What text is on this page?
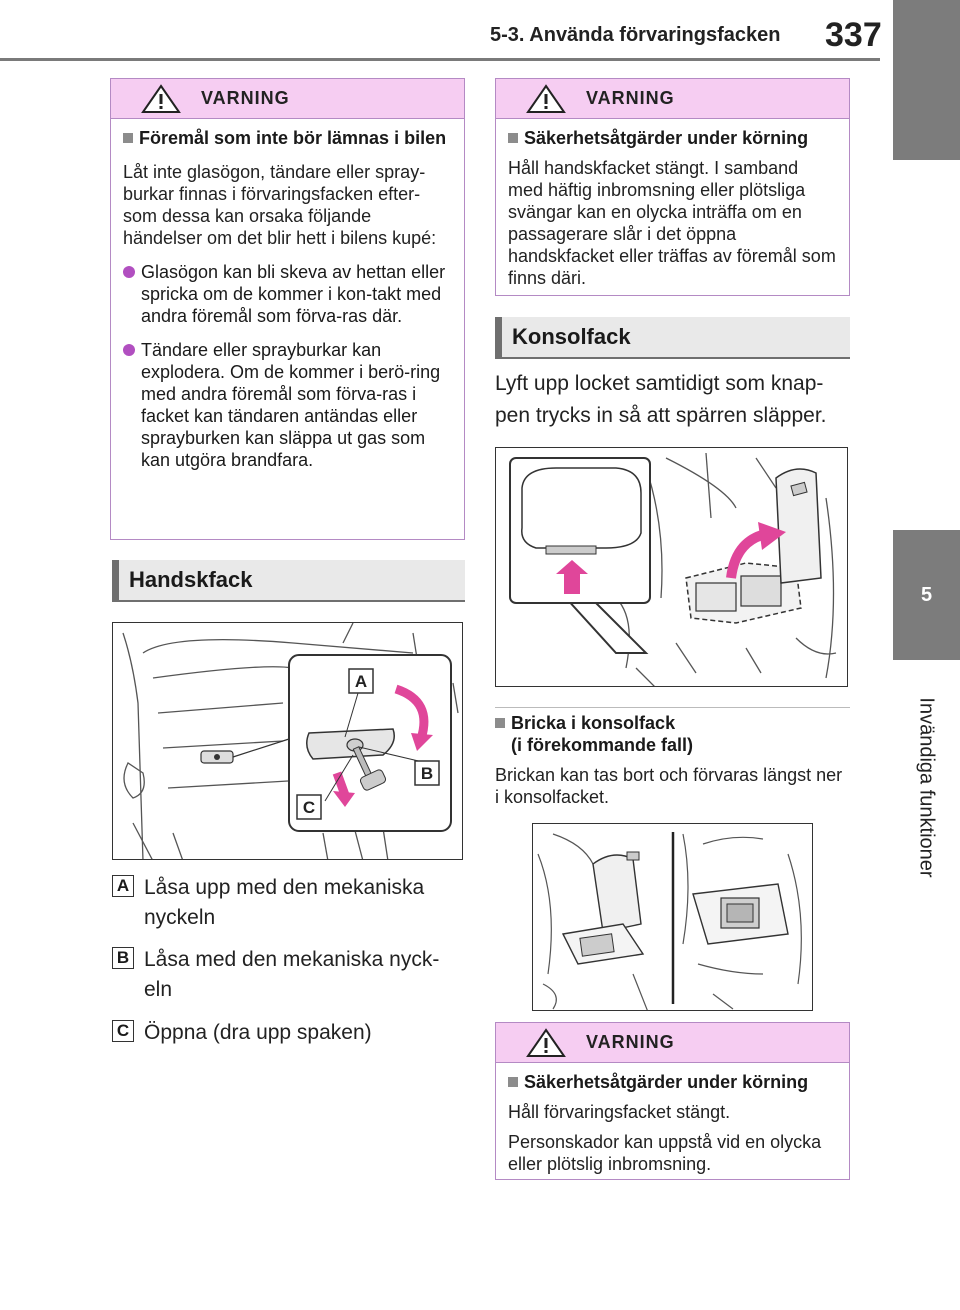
5-3. Använda förvaringsfacken 337
5
Invändiga funktioner
VARNING
Föremål som inte bör lämnas i bilen

Låt inte glasögon, tändare eller spray-burkar finnas i förvaringsfacken efter-som dessa kan orsaka följande händelser om det blir hett i bilens kupé:

Glasögon kan bli skeva av hettan eller spricka om de kommer i kon-takt med andra föremål som förva-ras där.
Tändare eller sprayburkar kan explodera. Om de kommer i berö-ring med andra föremål som förva-ras i facket kan tändaren antändas eller sprayburken kan släppa ut gas som kan utgöra brandfara.
Handskfack
A
B
C
A Låsa upp med den mekaniska nyckeln
B Låsa med den mekaniska nyck-eln
C Öppna (dra upp spaken)
VARNING
Säkerhetsåtgärder under körning

Håll handskfacket stängt. I samband med häftig inbromsning eller plötsliga svängar kan en olycka inträffa om en passagerare slår i det öppna handskfacket eller träffas av föremål som finns däri.

Konsolfack
Lyft upp locket samtidigt som knap-pen trycks in så att spärren släpper.
Bricka i konsolfack
(i förekommande fall)
Brickan kan tas bort och förvaras längst ner i konsolfacket.
VARNING
Säkerhetsåtgärder under körning

Håll förvaringsfacket stängt.

Personskador kan uppstå vid en olycka eller plötslig inbromsning.
